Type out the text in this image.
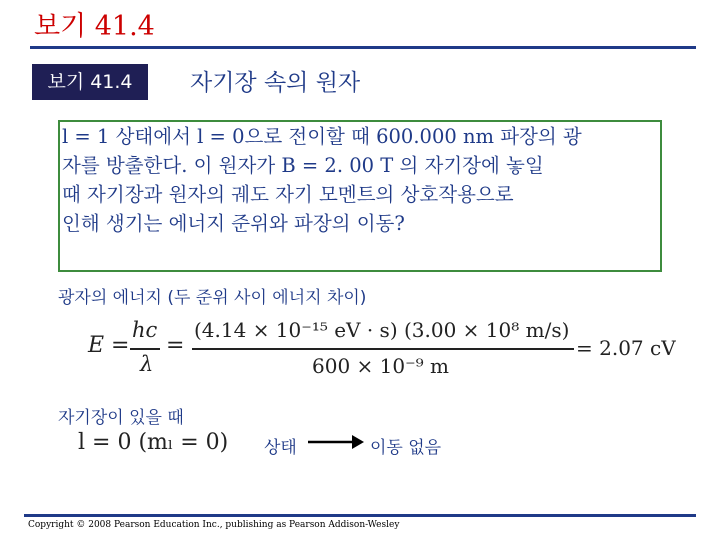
보기 41.4
보기 41.4	자기장 속의 원자
l = 1 상태에서 l = 0으로 전이할 때 600.000 nm 파장의 광
자를 방출한다. 이 원자가 B = 2. 00 T 의 자기장에 놓일
때 자기장과 원자의 궤도 자기 모멘트의 상호작용으로
인해 생기는 에너지 준위와 파장의 이동?
광자의 에너지 (두 준위 사이 에너지 차이)
E =
hc
λ
=
(4.14 × 10⁻¹⁵ eV · s) (3.00 × 10⁸ m/s)
600 × 10⁻⁹ m
= 2.07 cV
자기장이 있을 때
l = 0 (mₗ = 0) 상태	이동 없음
Copyright © 2008 Pearson Education Inc., publishing as Pearson Addison-Wesley
